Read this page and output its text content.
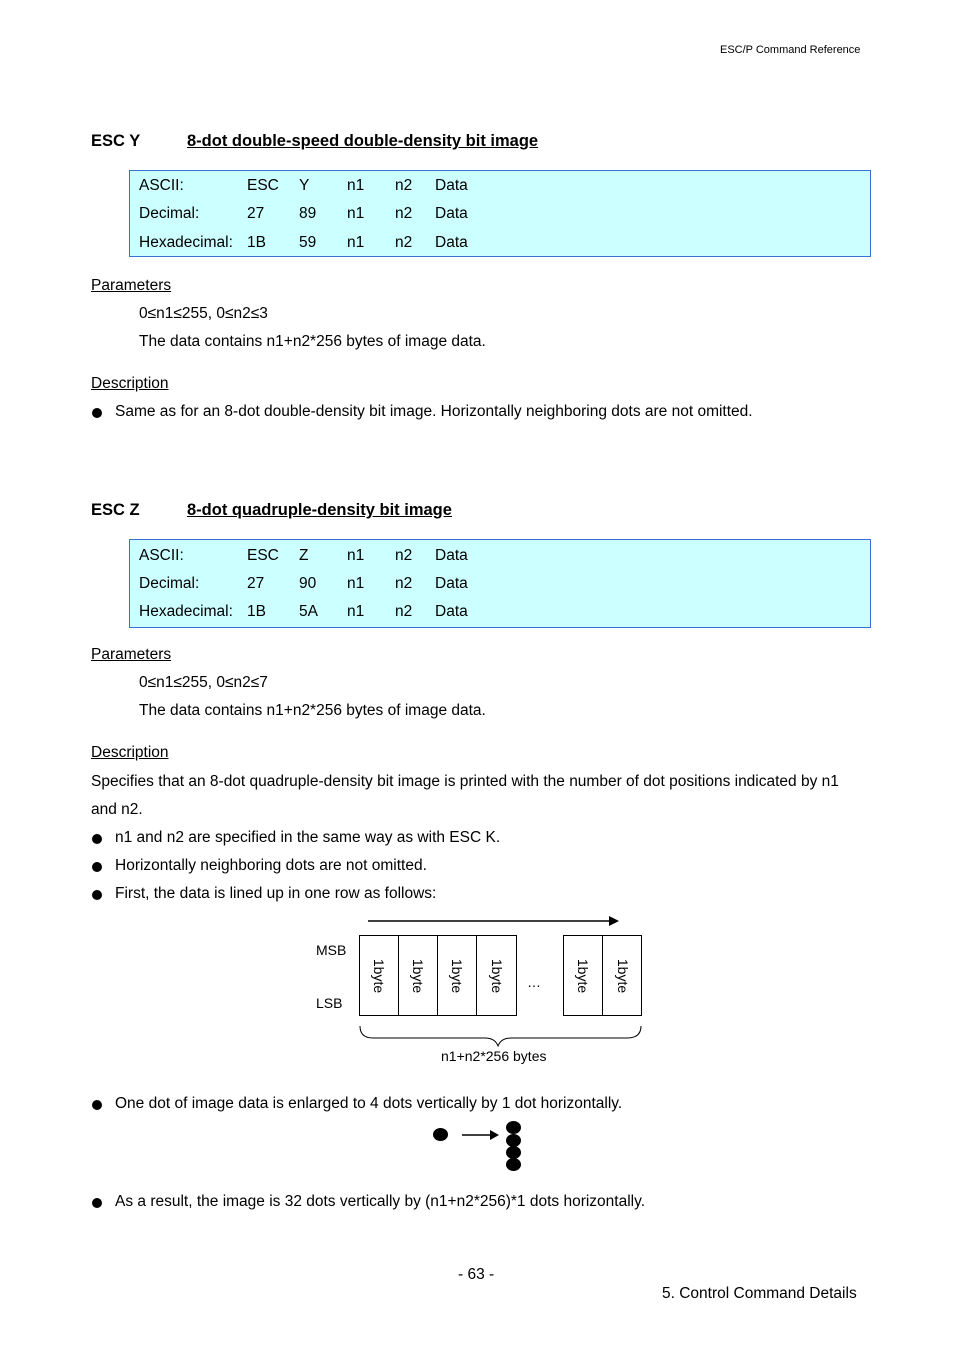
ESC/P Command Reference
ESC Y	8-dot double-speed double-density bit image
ASCII:	ESC Y n1 n2 Data
Decimal:	27 89 n1 n2 Data
Hexadecimal: 1B 59 n1 n2 Data
Parameters
0≤n1≤255, 0≤n2≤3
The data contains n1+n2*256 bytes of image data.
Description
Same as for an 8-dot double-density bit image. Horizontally neighboring dots are not omitted.
ESC Z	8-dot quadruple-density bit image
ASCII:	ESC Z n1 n2 Data
Decimal:	27 90 n1 n2 Data
Hexadecimal: 1B 5A n1 n2 Data
Parameters
0≤n1≤255, 0≤n2≤7
The data contains n1+n2*256 bytes of image data.
Description
Specifies that an 8-dot quadruple-density bit image is printed with the number of dot positions indicated by n1
and n2.
n1 and n2 are specified in the same way as with ESC K.
Horizontally neighboring dots are not omitted.
First, the data is lined up in one row as follows:
MSB
LSB
1byte 1byte 1byte 1byte … 1byte 1byte
n1+n2*256 bytes
One dot of image data is enlarged to 4 dots vertically by 1 dot horizontally.
As a result, the image is 32 dots vertically by (n1+n2*256)*1 dots horizontally.
- 63 -
5. Control Command Details
